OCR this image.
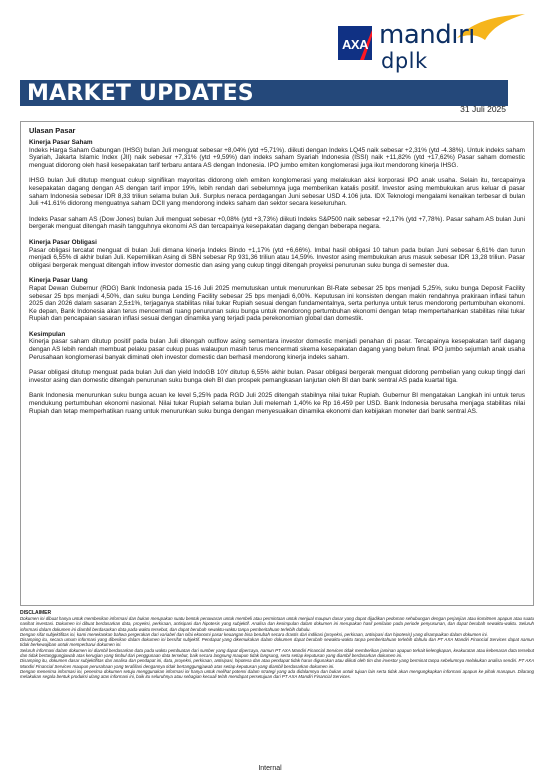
AXA mandırı
dplk
MARKET UPDATES
31 Juli 2025

Ulasan Pasar

Kinerja Pasar Saham

Indeks Harga Saham Gabungan (IHSG) bulan Juli menguat sebesar +8,04% (ytd +5,71%). diikuti dengan Indeks LQ45 naik sebesar +2,31% (ytd -4.38%). Untuk indeks saham Syariah, Jakarta Islamic Index (JII) naik sebesar +7,31% (ytd +9,59%) dan indeks saham Syariah Indonesia (ISSI) naik +11,82% (ytd +17,62%) Pasar saham domestic menguat didorong oleh hasil kesepakatan tarif terbaru antara AS dengan Indonesia. IPO jumbo emiten konglomerasi juga ikut mendorong kinerja IHSG.

IHSG bulan Juli ditutup menguat cukup signifikan mayoritas didorong oleh emiten konglomerasi yang melakukan aksi korporasi IPO anak usaha. Selain itu, tercapainya kesepakatan dagang dengan AS dengan tarif impor 19%, lebih rendah dari sebelumnya juga memberikan katalis positif. Investor asing membukukan arus keluar di pasar saham Indonesia sebesar IDR 8,33 triliun selama bulan Juli. Surplus neraca perdagangan Juni sebesar USD 4.106 juta. IDX Teknologi mengalami kenaikan terbesar di bulan Juli +41.61% didorong menguatnya saham DCII yang mendorong indeks saham dan sektor secara keseluruhan.

Indeks Pasar saham AS (Dow Jones) bulan Juli menguat sebesar +0,08% (ytd +3,73%) diikuti Indeks S&P500 naik sebesar +2,17% (ytd +7,78%). Pasar saham AS bulan Juni bergerak menguat ditengah masih tangguhnya ekonomi AS dan tercapainya kesepakatan dagang dengan beberapa negara.

Kinerja Pasar Obligasi

Pasar obligasi tercatat menguat di bulan Juli dimana kinerja Indeks Bindo +1,17% (ytd +6,66%). Imbal hasil obligasi 10 tahun pada bulan Juni sebesar 6,61% dan turun menjadi 6,55% di akhir bulan Juli. Kepemilikan Asing di SBN sebesar Rp 931,36 triliun atau 14,59%. Investor asing membukukan arus masuk sebesar IDR 13,28 triliun. Pasar obligasi bergerak menguat ditengah inflow investor domestic dan asing yang cukup tinggi ditengah proyeksi penurunan suku bunga di semester dua.

Kinerja Pasar Uang

Rapat Dewan Gubernur (RDG) Bank Indonesia pada 15-16 Juli 2025 memutuskan untuk menurunkan BI-Rate sebesar 25 bps menjadi 5,25%, suku bunga Deposit Facility sebesar 25 bps menjadi 4,50%, dan suku bunga Lending Facility sebesar 25 bps menjadi 6,00%. Keputusan ini konsisten dengan makin rendahnya prakiraan inflasi tahun 2025 dan 2026 dalam sasaran 2,5±1%, terjaganya stabilitas nilai tukar Rupiah sesuai dengan fundamentalnya, serta perlunya untuk terus mendorong pertumbuhan ekonomi. Ke depan, Bank Indonesia akan terus mencermati ruang penurunan suku bunga untuk mendorong pertumbuhan ekonomi dengan tetap mempertahankan stabilitas nilai tukar Rupiah dan pencapaian sasaran inflasi sesuai dengan dinamika yang terjadi pada perekonomian global dan domestik.

Kesimpulan

Kinerja pasar saham ditutup positif pada bulan Juli ditengah outflow asing sementara investor domestic menjadi penahan di pasar. Tercapainya kesepakatan tarif dagang dengan AS lebih rendah membuat pelaku pasar cukup puas walaupun masih terus mencermati skema kesepakatan dagang yang belum final. IPO jumbo sejumlah anak usaha Perusahaan konglomerasi banyak diminati oleh investor domestic dan berhasil mendorong kinerja indeks saham.

Pasar obligasi ditutup menguat pada bulan Juli dan yield IndoGB 10Y ditutup 6,55% akhir bulan. Pasar obligasi bergerak menguat didorong pembelian yang cukup tinggi dari investor asing dan domestic ditengah penurunan suku bunga oleh BI dan prospek pemangkasan lanjutan oleh BI dan bank sentral AS pada kuartal tiga.

Bank Indonesia menurunkan suku bunga acuan ke level 5,25% pada RGD Juli 2025 ditengah stabilnya nilai tukar Rupiah. Gubernur BI mengatakan Langkah ini untuk terus mendukung pertumbuhan ekonomi nasional. Nilai tukar Rupiah selama bulan Juli melemah 1,40% ke Rp 16.459 per USD. Bank Indonesia berusaha menjaga stabilitas nilai Rupiah dan tetap memperhatikan ruang untuk menurunkan suku bunga dengan menyesuaikan dinamika ekonomi dan kebijakan moneter dari bank sentral AS.

DISCLAIMER

Dokumen ini dibuat hanya untuk memberikan informasi dan bukan merupakan suatu bentuk penawaran untuk membeli atau permintaan untuk menjual maupun dasar yang dapat dijadikan pedoman sehubungan dengan perjanjian atau komitmen apapun atau suatu nasihat investasi. Dokumen ini dibuat berdasarkan data, proyeksi, perkiraan, antisipasi dan hipotesis yang subjektif. Analisa dan kesimpulan dalam dokumen ini merupakan hasil penilaian pada periode penyusunan, dan dapat berubah sewaktu-waktu. Seluruh informasi dalam dokumen ini diambil berdasarkan data pada waktu tersebut, dan dapat berubah sewaktu-waktu tanpa pemberitahuan terlebih dahulu.

Dengan sifat subjektifitas ini, kami menekankan bahwa pergerakan dari variabel dan nilai ekonomi pasar keuangan bisa berubah secara drastis dari indikasi (proyeksi, perkiraan, antisipasi dan hipotesis) yang disampaikan dalam dokumen ini.

Disamping itu, secara umum informasi yang diberikan dalam dokumen ini bersifat subjektif. Pendapat yang dikemukakan dalam dokumen dapat berubah sewaktu-waktu tanpa pemberitahuan terlebih dahulu dan PT AXA Mandiri Financial Services dapat namun tidak berkewajiban untuk memperbarui dokumen ini.

Seluruh informasi dalam dokumen ini diambil berdasarkan data pada waktu pembuatan dari sumber yang dapat dipercaya, namun PT AXA Mandiri Financial Services tidak memberikan jaminan apapun terkait kelengkapan, keakuratan atau kebenaran data tersebut dan tidak bertanggungjawab atas kerugian yang timbul dari penggunaan data tersebut, baik secara langsung maupun tidak langsung, serta setiap keputusan yang diambil berdasarkan dokumen ini.

Disamping itu, dokumen dasar subjektifitas dari analisa dan pendapat ini, data, proyeksi, perkiraan, antisipasi, hipotesa dan atau pendapat tidak harus digunakan atau diikuti oleh tim dan investor yang berminat tanpa sebelumnya melakukan analisa sendiri. PT AXA Mandiri Financial Services maupun perusahaan yang terafiliasi dengannya tidak bertanggungjawab atas setiap keputusan yang diambil berdasarkan dokumen ini.

Dengan menerima informasi ini, penerima dokumen setuju menggunakan informasi ini hanya untuk melihat potensi dalam strategi yang ada didalamnya dan bukan untuk tujuan lain serta tidak akan mengungkapkan informasi apapun ke pihak manapun. Dilarang melakukan segala bentuk produksi ulang atas informasi ini, baik itu seluruhnya atau sebagian kecuali telah mendapat persetujuan dari PT AXA Mandiri Financial Services.

Internal
